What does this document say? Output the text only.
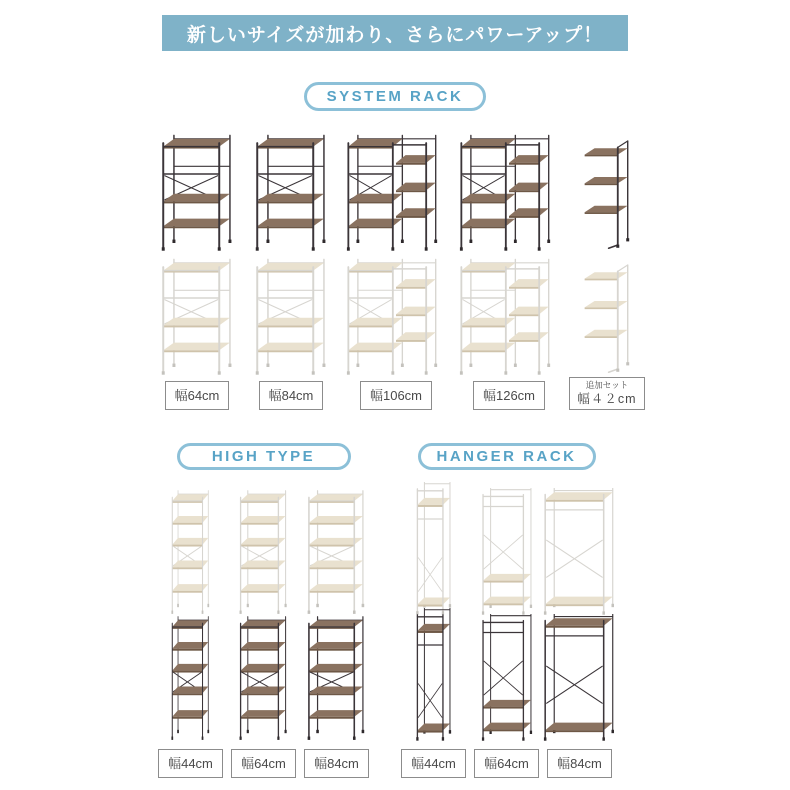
新しいサイズが加わり、さらにパワーアップ！
SYSTEM RACK
幅64cm	幅84cm	幅106cm	幅126cm
追加セット
幅４２cm
HIGH TYPE
幅44cm	幅64cm	幅84cm
HANGER RACK
幅44cm	幅64cm	幅84cm
